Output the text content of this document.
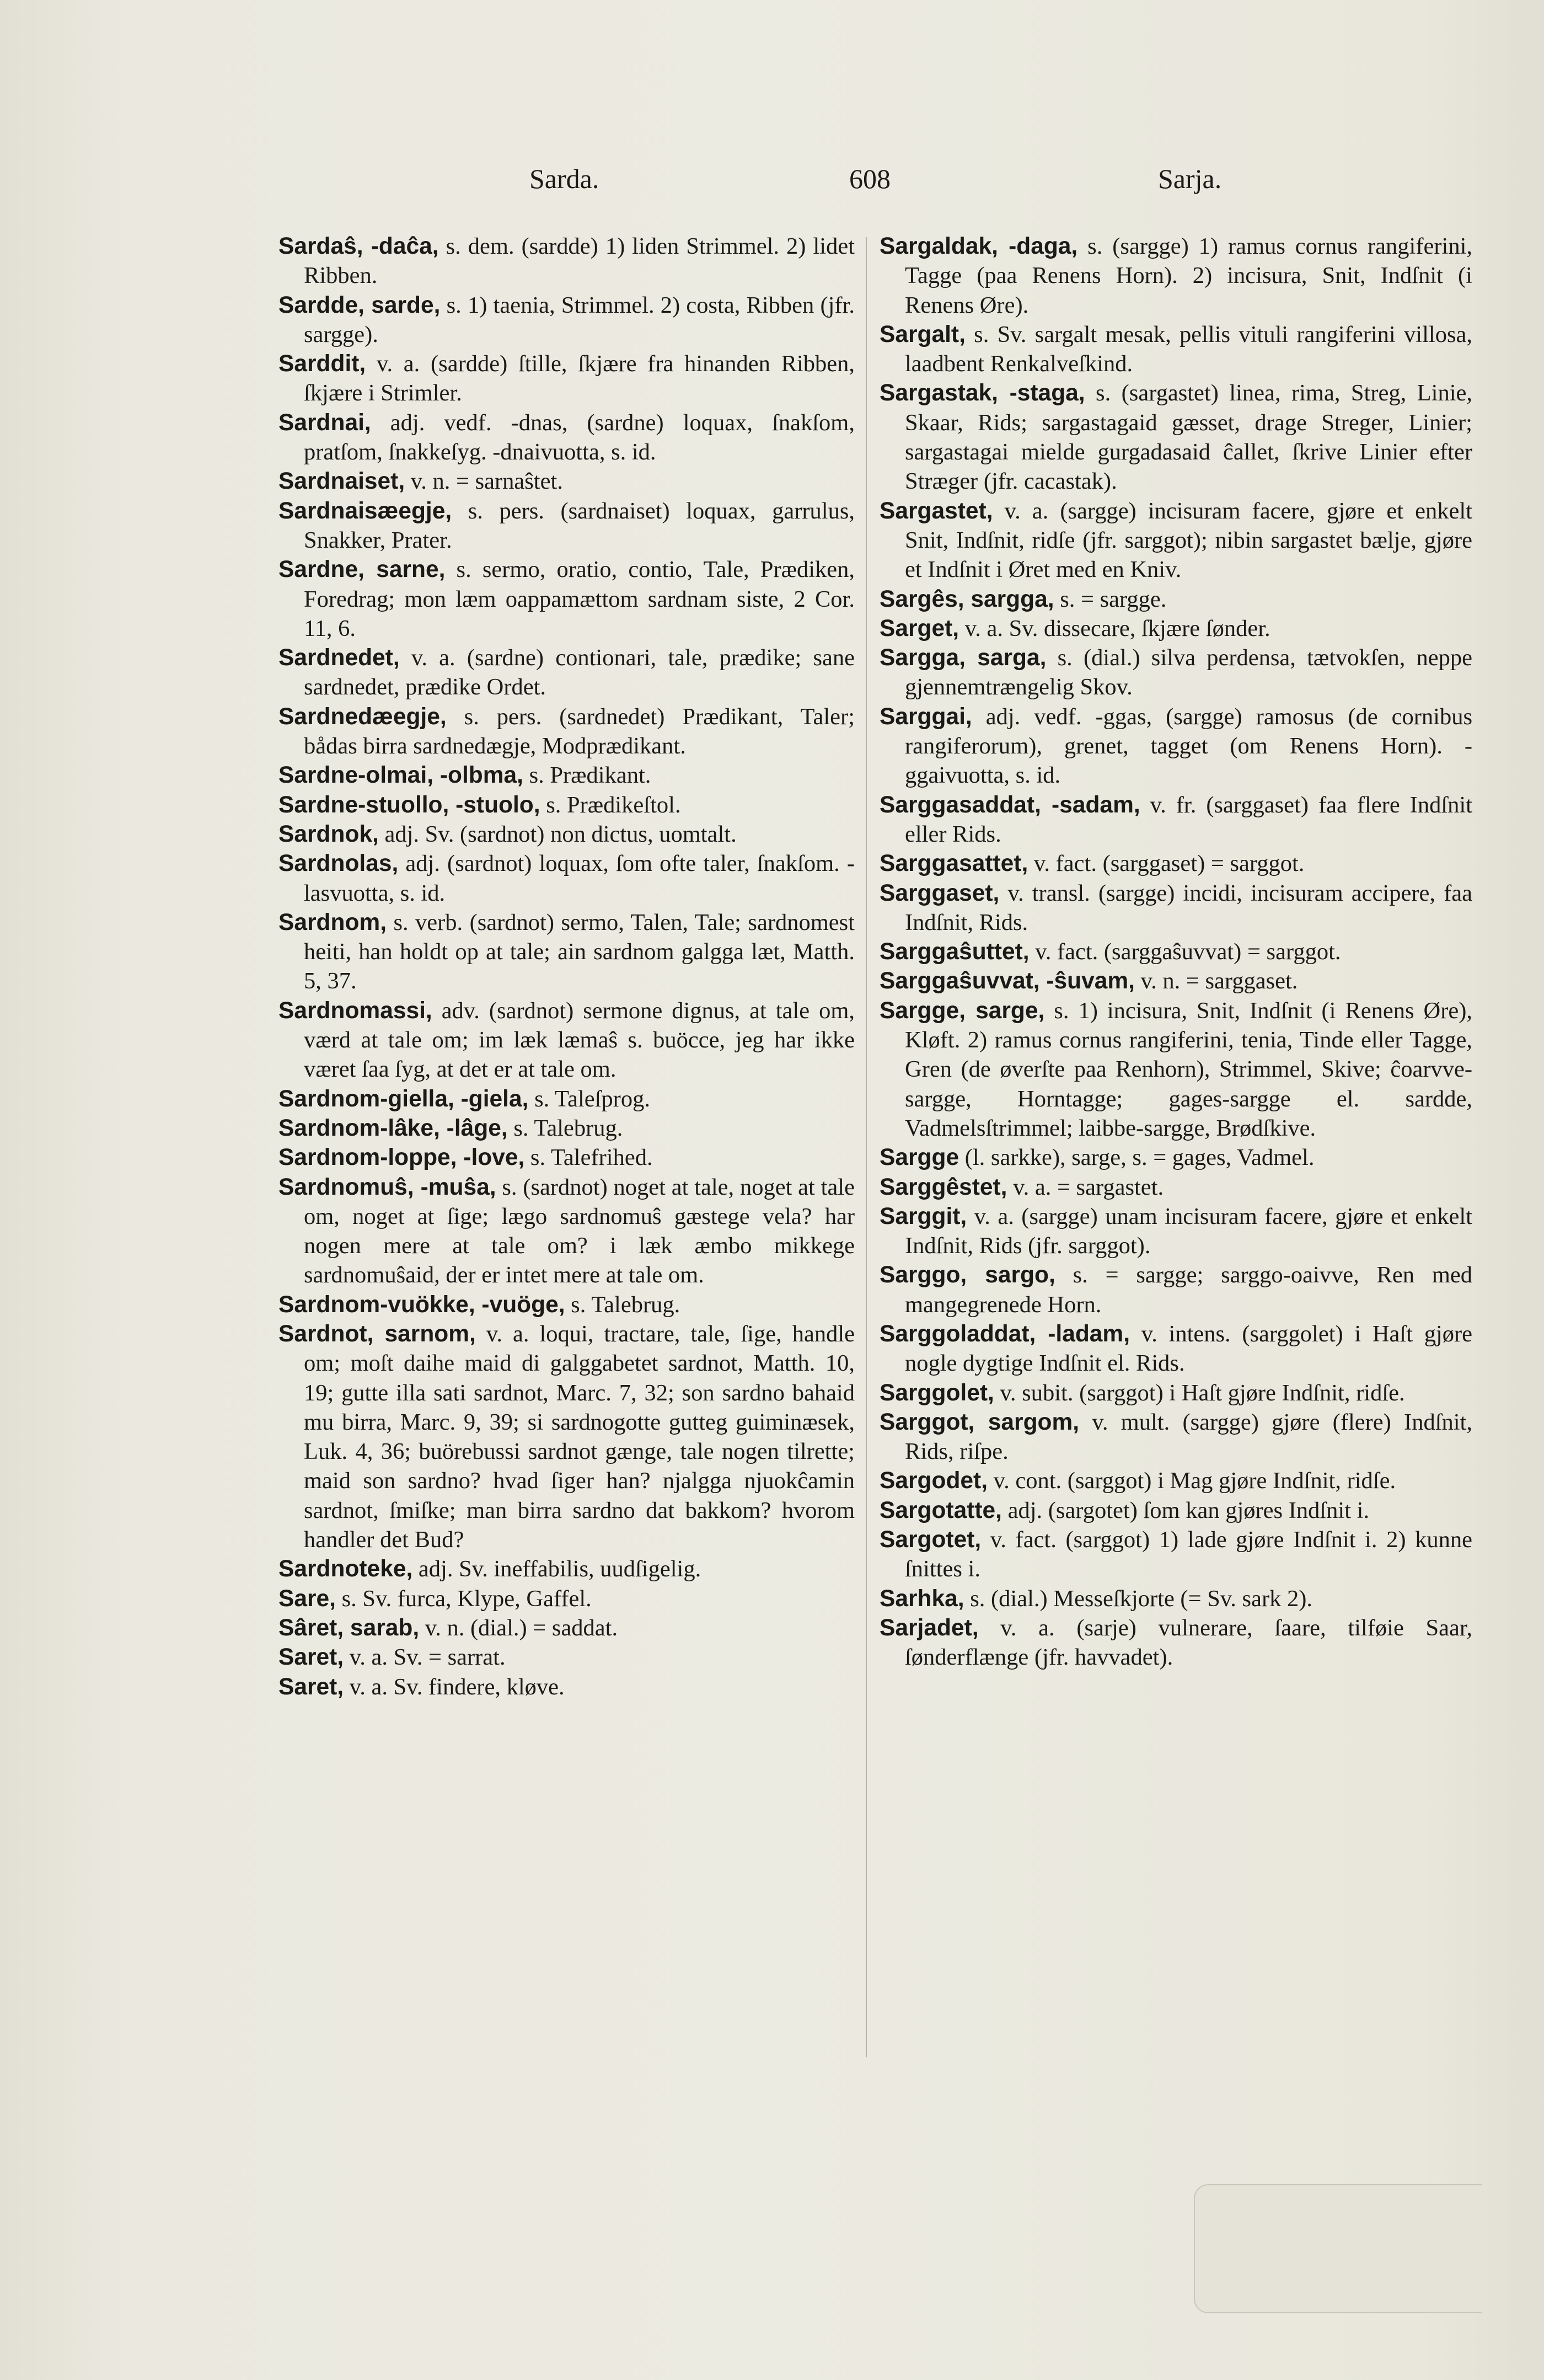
Sarda.	608	Sarja.

Sardaŝ, -daĉa, s. dem. (sardde) 1) liden Strimmel. 2) lidet Ribben.

Sardde, sarde, s. 1) taenia, Strimmel. 2) costa, Ribben (jfr. sargge).

Sarddit, v. a. (sardde) ſtille, ſkjære fra hinanden Ribben, ſkjære i Strimler.

Sardnai, adj. vedf. -dnas, (sardne) loquax, ſnakſom, pratſom, ſnakkeſyg. -dnaivuotta, s. id.

Sardnaiset, v. n. = sarnaŝtet.

Sardnaisæegje, s. pers. (sardnaiset) loquax, garrulus, Snakker, Prater.

Sardne, sarne, s. sermo, oratio, contio, Tale, Prædiken, Foredrag; mon læm oappamættom sardnam siste, 2 Cor. 11, 6.

Sardnedet, v. a. (sardne) contionari, tale, prædike; sane sardnedet, prædike Ordet.

Sardnedæegje, s. pers. (sardnedet) Prædikant, Taler; bådas birra sardnedægje, Modprædikant.

Sardne-olmai, -olbma, s. Prædikant.

Sardne-stuollo, -stuolo, s. Prædikeſtol.

Sardnok, adj. Sv. (sardnot) non dictus, uomtalt.

Sardnolas, adj. (sardnot) loquax, ſom ofte taler, ſnakſom. -lasvuotta, s. id.

Sardnom, s. verb. (sardnot) sermo, Talen, Tale; sardnomest heiti, han holdt op at tale; ain sardnom galgga læt, Matth. 5, 37.

Sardnomassi, adv. (sardnot) sermone dignus, at tale om, værd at tale om; im læk læmaŝ s. buöcce, jeg har ikke været ſaa ſyg, at det er at tale om.

Sardnom-giella, -giela, s. Taleſprog.

Sardnom-lâke, -lâge, s. Talebrug.

Sardnom-loppe, -love, s. Talefrihed.

Sardnomuŝ, -muŝa, s. (sardnot) noget at tale, noget at tale om, noget at ſige; lægo sardnomuŝ gæstege vela? har nogen mere at tale om? i læk æmbo mikkege sardnomuŝaid, der er intet mere at tale om.

Sardnom-vuökke, -vuöge, s. Talebrug.

Sardnot, sarnom, v. a. loqui, tractare, tale, ſige, handle om; moſt daihe maid di galggabetet sardnot, Matth. 10, 19; gutte illa sati sardnot, Marc. 7, 32; son sardno bahaid mu birra, Marc. 9, 39; si sardnogotte gutteg guiminæsek, Luk. 4, 36; buörebussi sardnot gænge, tale nogen tilrette; maid son sardno? hvad ſiger han? njalgga njuokĉamin sardnot, ſmiſke; man birra sardno dat bakkom? hvorom handler det Bud?

Sardnoteke, adj. Sv. ineffabilis, uudſigelig.

Sare, s. Sv. furca, Klype, Gaffel.

Sâret, sarab, v. n. (dial.) = saddat.

Saret, v. a. Sv. = sarrat.

Saret, v. a. Sv. findere, kløve.

Sargaldak, -daga, s. (sargge) 1) ramus cornus rangiferini, Tagge (paa Renens Horn). 2) incisura, Snit, Indſnit (i Renens Øre).

Sargalt, s. Sv. sargalt mesak, pellis vituli rangiferini villosa, laadbent Renkalveſkind.

Sargastak, -staga, s. (sargastet) linea, rima, Streg, Linie, Skaar, Rids; sargastagaid gæsset, drage Streger, Linier; sargastagai mielde gurgadasaid ĉallet, ſkrive Linier efter Stræger (jfr. cacastak).

Sargastet, v. a. (sargge) incisuram facere, gjøre et enkelt Snit, Indſnit, ridſe (jfr. sarggot); nibin sargastet bælje, gjøre et Indſnit i Øret med en Kniv.

Sargês, sargga, s. = sargge.

Sarget, v. a. Sv. dissecare, ſkjære ſønder.

Sargga, sarga, s. (dial.) silva perdensa, tætvokſen, neppe gjennemtrængelig Skov.

Sarggai, adj. vedf. -ggas, (sargge) ramosus (de cornibus rangiferorum), grenet, tagget (om Renens Horn). -ggaivuotta, s. id.

Sarggasaddat, -sadam, v. fr. (sarggaset) faa flere Indſnit eller Rids.

Sarggasattet, v. fact. (sarggaset) = sarggot.

Sarggaset, v. transl. (sargge) incidi, incisuram accipere, faa Indſnit, Rids.

Sarggaŝuttet, v. fact. (sarggaŝuvvat) = sarggot.

Sarggaŝuvvat, -ŝuvam, v. n. = sarggaset.

Sargge, sarge, s. 1) incisura, Snit, Indſnit (i Renens Øre), Kløft. 2) ramus cornus rangiferini, tenia, Tinde eller Tagge, Gren (de øverſte paa Renhorn), Strimmel, Skive; ĉoarvve-sargge, Horntagge; gages-sargge el. sardde, Vadmelsſtrimmel; laibbe-sargge, Brødſkive.

Sargge (l. sarkke), sarge, s. = gages, Vadmel.

Sarggêstet, v. a. = sargastet.

Sarggit, v. a. (sargge) unam incisuram facere, gjøre et enkelt Indſnit, Rids (jfr. sarggot).

Sarggo, sargo, s. = sargge; sarggo-oaivve, Ren med mangegrenede Horn.

Sarggoladdat, -ladam, v. intens. (sarggolet) i Haſt gjøre nogle dygtige Indſnit el. Rids.

Sarggolet, v. subit. (sarggot) i Haſt gjøre Indſnit, ridſe.

Sarggot, sargom, v. mult. (sargge) gjøre (flere) Indſnit, Rids, riſpe.

Sargodet, v. cont. (sarggot) i Mag gjøre Indſnit, ridſe.

Sargotatte, adj. (sargotet) ſom kan gjøres Indſnit i.

Sargotet, v. fact. (sarggot) 1) lade gjøre Indſnit i. 2) kunne ſnittes i.

Sarhka, s. (dial.) Messeſkjorte (= Sv. sark 2).

Sarjadet, v. a. (sarje) vulnerare, ſaare, tilføie Saar, ſønderflænge (jfr. havvadet).
